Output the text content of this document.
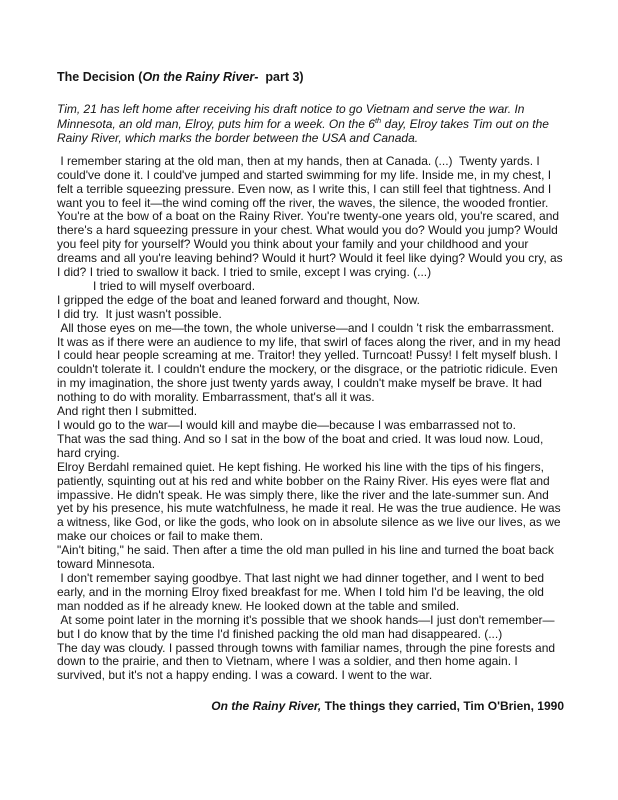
The Decision (On the Rainy River-  part 3)

Tim, 21 has left home after receiving his draft notice to go Vietnam and serve the war. In Minnesota, an old man, Elroy, puts him for a week. On the 6th day, Elroy takes Tim out on the Rainy River, which marks the border between the USA and Canada.

I remember staring at the old man, then at my hands, then at Canada. (...)  Twenty yards. I could've done it. I could've jumped and started swimming for my life. Inside me, in my chest, I felt a terrible squeezing pressure. Even now, as I write this, I can still feel that tightness. And I want you to feel it—the wind coming off the river, the waves, the silence, the wooded frontier. You're at the bow of a boat on the Rainy River. You're twenty-one years old, you're scared, and there's a hard squeezing pressure in your chest. What would you do? Would you jump? Would you feel pity for yourself? Would you think about your family and your childhood and your dreams and all you're leaving behind? Would it hurt? Would it feel like dying? Would you cry, as I did? I tried to swallow it back. I tried to smile, except I was crying. (...)

I tried to will myself overboard.

I gripped the edge of the boat and leaned forward and thought, Now.

I did try.  It just wasn't possible.

All those eyes on me—the town, the whole universe—and I couldn 't risk the embarrassment. It was as if there were an audience to my life, that swirl of faces along the river, and in my head I could hear people screaming at me. Traitor! they yelled. Turncoat! Pussy! I felt myself blush. I couldn't tolerate it. I couldn't endure the mockery, or the disgrace, or the patriotic ridicule. Even in my imagination, the shore just twenty yards away, I couldn't make myself be brave. It had nothing to do with morality. Embarrassment, that's all it was.

And right then I submitted.

I would go to the war—I would kill and maybe die—because I was embarrassed not to.

That was the sad thing. And so I sat in the bow of the boat and cried. It was loud now. Loud, hard crying.

Elroy Berdahl remained quiet. He kept fishing. He worked his line with the tips of his fingers, patiently, squinting out at his red and white bobber on the Rainy River. His eyes were flat and impassive. He didn't speak. He was simply there, like the river and the late-summer sun. And yet by his presence, his mute watchfulness, he made it real. He was the true audience. He was a witness, like God, or like the gods, who look on in absolute silence as we live our lives, as we make our choices or fail to make them.

"Ain't biting," he said. Then after a time the old man pulled in his line and turned the boat back toward Minnesota.

I don't remember saying goodbye. That last night we had dinner together, and I went to bed early, and in the morning Elroy fixed breakfast for me. When I told him I'd be leaving, the old man nodded as if he already knew. He looked down at the table and smiled.

At some point later in the morning it's possible that we shook hands—I just don't remember—but I do know that by the time I'd finished packing the old man had disappeared. (...)

The day was cloudy. I passed through towns with familiar names, through the pine forests and down to the prairie, and then to Vietnam, where I was a soldier, and then home again. I survived, but it's not a happy ending. I was a coward. I went to the war.

On the Rainy River, The things they carried, Tim O'Brien, 1990
